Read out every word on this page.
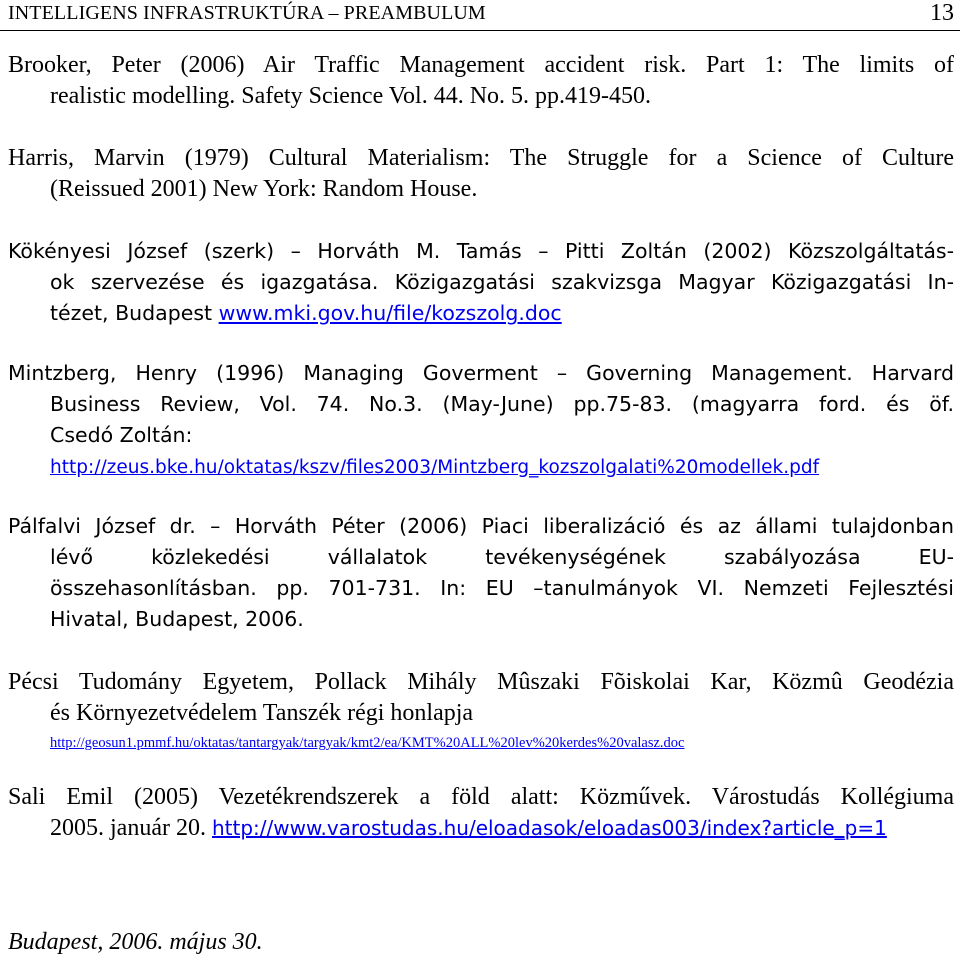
INTELLIGENS INFRASTRUKTÚRA – PREAMBULUM	13
Brooker, Peter (2006) Air Traffic Management accident risk. Part 1: The limits of
realistic modelling. Safety Science Vol. 44. No. 5. pp.419-450.
Harris, Marvin (1979) Cultural Materialism: The Struggle for a Science of Culture
(Reissued 2001) New York: Random House.
Kökényesi József (szerk) – Horváth M. Tamás – Pitti Zoltán (2002) Közszolgáltatás-
ok szervezése és igazgatása. Közigazgatási szakvizsga Magyar Közigazgatási In-
tézet, Budapest www.mki.gov.hu/file/kozszolg.doc
Mintzberg, Henry (1996) Managing Goverment – Governing Management. Harvard
Business Review, Vol. 74. No.3. (May-June) pp.75-83. (magyarra ford. és öf.
Csedó Zoltán:
http://zeus.bke.hu/oktatas/kszv/files2003/Mintzberg_kozszolgalati%20modellek.pdf
Pálfalvi József dr. – Horváth Péter (2006) Piaci liberalizáció és az állami tulajdonban
lévő közlekedési vállalatok tevékenységének szabályozása EU-
összehasonlításban. pp. 701-731. In: EU –tanulmányok VI. Nemzeti Fejlesztési
Hivatal, Budapest, 2006.
Pécsi Tudomány Egyetem, Pollack Mihály Mûszaki Fõiskolai Kar, Közmû Geodézia
és Környezetvédelem Tanszék régi honlapja
http://geosun1.pmmf.hu/oktatas/tantargyak/targyak/kmt2/ea/KMT%20ALL%20lev%20kerdes%20valasz.doc
Sali Emil (2005) Vezetékrendszerek a föld alatt: Közművek. Várostudás Kollégiuma
2005. január 20. http://www.varostudas.hu/eloadasok/eloadas003/index?article_p=1
Budapest, 2006. május 30.
